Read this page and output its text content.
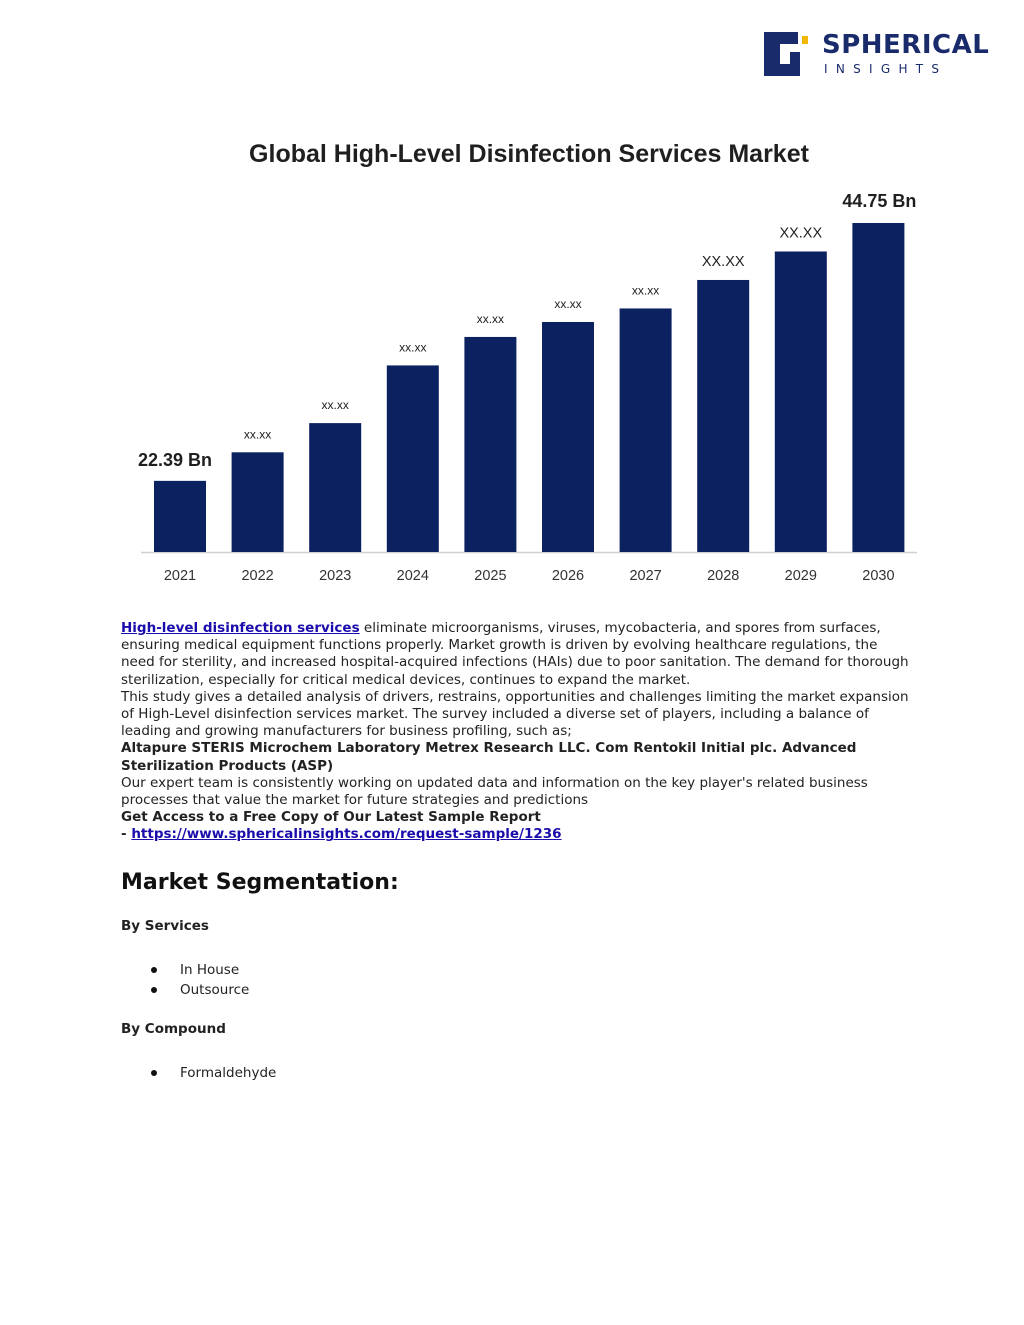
SPHERICAL
INSIGHTS
Global High-Level Disinfection Services Market
2021
22.39 Bn
2022
xx.xx
2023
xx.xx
2024
xx.xx
2025
xx.xx
2026
xx.xx
2027
xx.xx
2028
XX.XX
2029
XX.XX
2030
44.75 Bn

High-level disinfection services eliminate microorganisms, viruses, mycobacteria, and spores from surfaces, ensuring medical equipment functions properly. Market growth is driven by evolving healthcare regulations, the need for sterility, and increased hospital-acquired infections (HAIs) due to poor sanitation. The demand for thorough sterilization, especially for critical medical devices, continues to expand the market.

This study gives a detailed analysis of drivers, restrains, opportunities and challenges limiting the market expansion of High-Level disinfection services market. The survey included a diverse set of players, including a balance of leading and growing manufacturers for business profiling, such as;

Altapure STERIS Microchem Laboratory Metrex Research LLC. Com Rentokil Initial plc. Advanced Sterilization Products (ASP)

Our expert team is consistently working on updated data and information on the key player's related business processes that value the market for future strategies and predictions

Get Access to a Free Copy of Our Latest Sample Report
- https://www.sphericalinsights.com/request-sample/1236

Market Segmentation:
By Services
In House
Outsource
By Compound
Formaldehyde
